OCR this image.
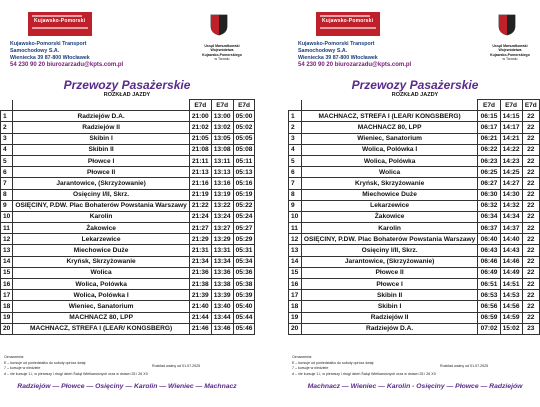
Kujawsko-Pomorski
Urząd Marszałkowski
Województwa
Kujawsko-Pomorskiego
w Toruniu
Kujawsko-Pomorski Transport
Samochodowy S.A.
Wieniecka 39 87-800 Włocławek
54 230 90 20 biurozarzadu@kpts.com.pl
Przewozy Pasażerskie
ROZKŁAD JAZDY
		E7d	E7d	E7d
1	Radziejów D.A.	21:00	13:00	05:00
2	Radziejów II	21:02	13:02	05:02
3	Skibin I	21:05	13:05	05:05
4	Skibin II	21:08	13:08	05:08
5	Płowce I	21:11	13:11	05:11
6	Płowce II	21:13	13:13	05:13
7	Jarantowice, (Skrzyżowanie)	21:16	13:16	05:16
8	Osięciny I/II, Skrz.	21:19	13:19	05:19
9	OSIĘCINY, P.DW. Plac Bohaterów Powstania Warszawy	21:22	13:22	05:22
10	Karolin	21:24	13:24	05:24
11	Żakowice	21:27	13:27	05:27
12	Lekarzewice	21:29	13:29	05:29
13	Miechowice Duże	21:31	13:31	05:31
14	Kryńsk, Skrzyżowanie	21:34	13:34	05:34
15	Wolica	21:36	13:36	05:36
16	Wolica, Polówka	21:38	13:38	05:38
17	Wolica, Polówka I	21:39	13:39	05:39
18	Wieniec, Sanatorium	21:40	13:40	05:40
19	MACHNACZ 80, LPP	21:44	13:44	05:44
20	MACHNACZ, STREFA I (LEAR/ KONGSBERG)	21:46	13:46	05:46
Oznaczenia:
E – kursuje od poniedziałku do soboty oprócz świąt
7 – kursuje w niedziele
d – nie kursuje 1.I, w pierwszy i drugi dzień Świąt Wielkanocnych oraz w dniach 25 i 26 XII
Rozkład ważny od 01.07.2025
Radziejów — Płowce — Osięciny — Karolin — Wieniec — Machnacz
Kujawsko-Pomorski
Urząd Marszałkowski
Województwa
Kujawsko-Pomorskiego
w Toruniu
Kujawsko-Pomorski Transport
Samochodowy S.A.
Wieniecka 39 87-800 Włocławek
54 230 90 20 biurozarzadu@kpts.com.pl
Przewozy Pasażerskie
ROZKŁAD JAZDY
		E7d	E7d	E7d
1	MACHNACZ, STREFA I (LEAR/ KONGSBERG)	06:15	14:15	22
2	MACHNACZ 80, LPP	06:17	14:17	22
3	Wieniec, Sanatorium	06:21	14:21	22
4	Wolica, Polówka I	06:22	14:22	22
5	Wolica, Polówka	06:23	14:23	22
6	Wolica	06:25	14:25	22
7	Kryńsk, Skrzyżowanie	06:27	14:27	22
8	Miechowice Duże	06:30	14:30	22
9	Lekarzewice	06:32	14:32	22
10	Żakowice	06:34	14:34	22
11	Karolin	06:37	14:37	22
12	OSIĘCINY, P.DW. Plac Bohaterów Powstania Warszawy	06:40	14:40	22
13	Osięciny I/II, Skrz.	06:43	14:43	22
14	Jarantowice, (Skrzyżowanie)	06:46	14:46	22
15	Płowce II	06:49	14:49	22
16	Płowce I	06:51	14:51	22
17	Skibin II	06:53	14:53	22
18	Skibin I	06:56	14:56	22
19	Radziejów II	06:59	14:59	22
20	Radziejów D.A.	07:02	15:02	23
Oznaczenia:
E – kursuje od poniedziałku do soboty oprócz świąt
7 – kursuje w niedziele
d – nie kursuje 1.I, w pierwszy i drugi dzień Świąt Wielkanocnych oraz w dniach 25 i 26 XII
Rozkład ważny od 01.07.2025
Machnacz — Wieniec — Karolin - Osięciny — Płowce — Radziejów
